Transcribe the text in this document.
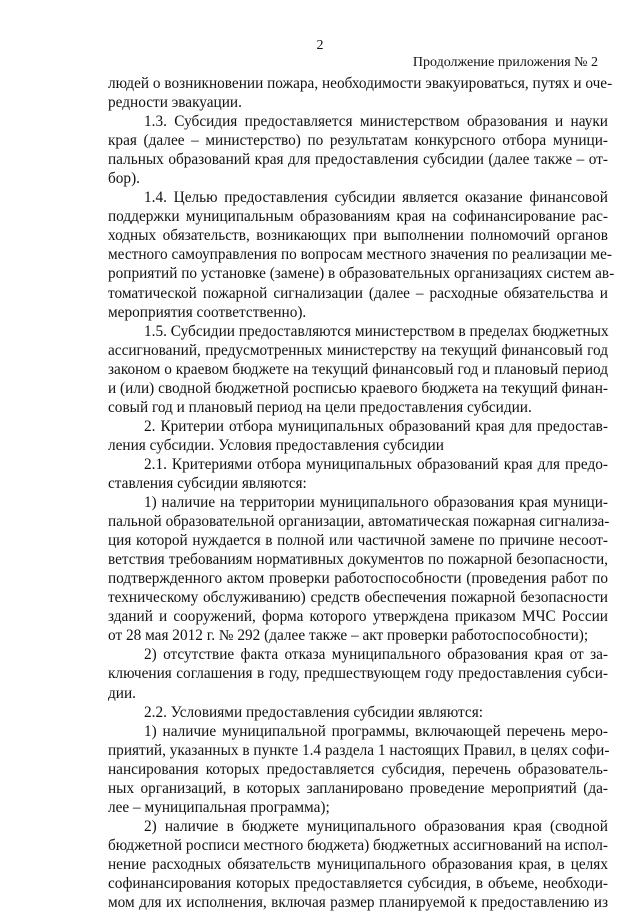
2
Продолжение приложения № 2
людей о возникновении пожара, необходимости эвакуироваться, путях и оче-
редности эвакуации.
1.3. Субсидия предоставляется министерством образования и науки
края (далее – министерство) по результатам конкурсного отбора муници-
пальных образований края для предоставления субсидии (далее также – от-
бор).
1.4. Целью предоставления субсидии является оказание финансовой
поддержки муниципальным образованиям края на софинансирование рас-
ходных обязательств, возникающих при выполнении полномочий органов
местного самоуправления по вопросам местного значения по реализации ме-
роприятий по установке (замене) в образовательных организациях систем ав-
томатической пожарной сигнализации (далее – расходные обязательства и
мероприятия соответственно).
1.5. Субсидии предоставляются министерством в пределах бюджетных
ассигнований, предусмотренных министерству на текущий финансовый год
законом о краевом бюджете на текущий финансовый год и плановый период
и (или) сводной бюджетной росписью краевого бюджета на текущий финан-
совый год и плановый период на цели предоставления субсидии.
2. Критерии отбора муниципальных образований края для предостав-
ления субсидии. Условия предоставления субсидии
2.1. Критериями отбора муниципальных образований края для предо-
ставления субсидии являются:
1) наличие на территории муниципального образования края муници-
пальной образовательной организации, автоматическая пожарная сигнализа-
ция которой нуждается в полной или частичной замене по причине несоот-
ветствия требованиям нормативных документов по пожарной безопасности,
подтвержденного актом проверки работоспособности (проведения работ по
техническому обслуживанию) средств обеспечения пожарной безопасности
зданий и сооружений, форма которого утверждена приказом МЧС России
от 28 мая 2012 г. № 292 (далее также – акт проверки работоспособности);
2) отсутствие факта отказа муниципального образования края от за-
ключения соглашения в году, предшествующем году предоставления субси-
дии.
2.2. Условиями предоставления субсидии являются:
1) наличие муниципальной программы, включающей перечень меро-
приятий, указанных в пункте 1.4 раздела 1 настоящих Правил, в целях софи-
нансирования которых предоставляется субсидия, перечень образователь-
ных организаций, в которых запланировано проведение мероприятий (да-
лее – муниципальная программа);
2) наличие в бюджете муниципального образования края (сводной
бюджетной росписи местного бюджета) бюджетных ассигнований на испол-
нение расходных обязательств муниципального образования края, в целях
софинансирования которых предоставляется субсидия, в объеме, необходи-
мом для их исполнения, включая размер планируемой к предоставлению из
